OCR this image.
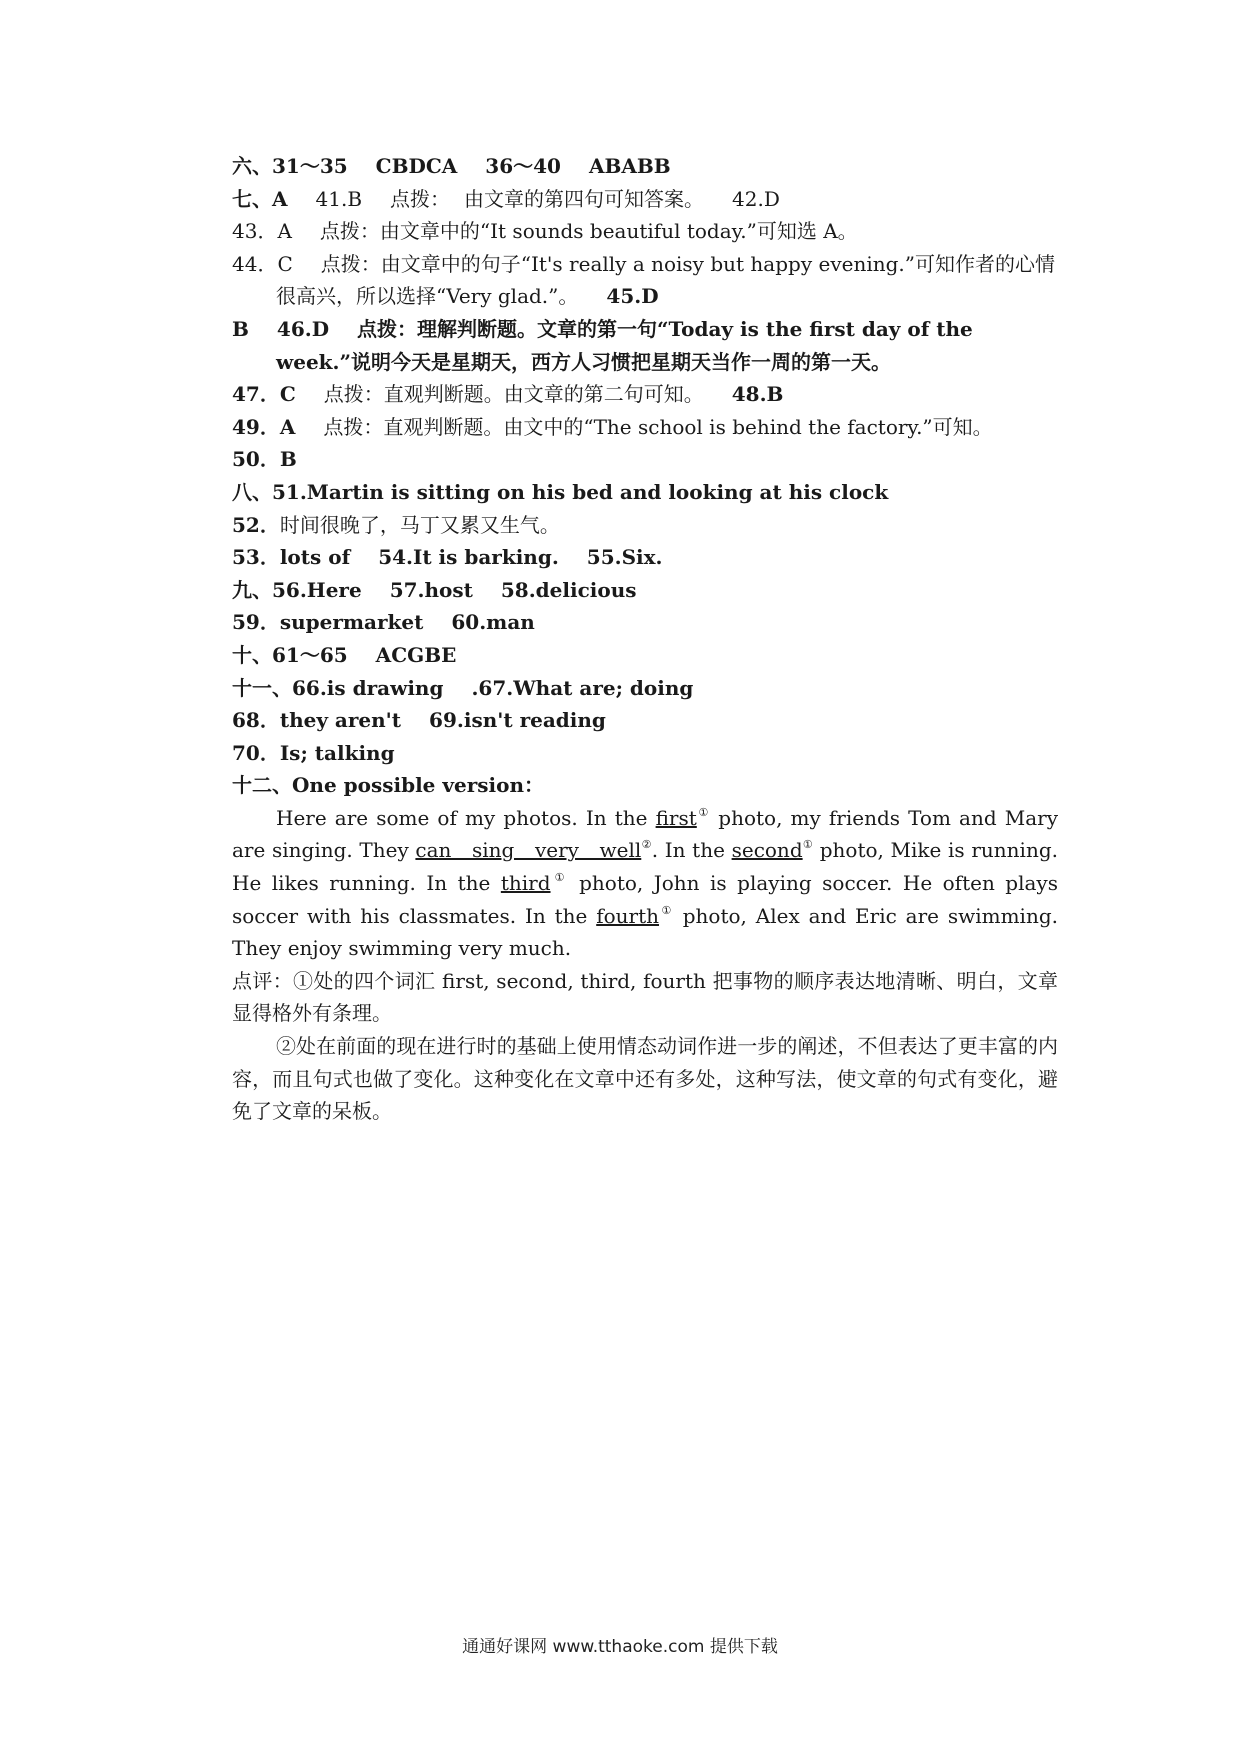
六、31～35 CBDCA 36～40 ABABB
七、A 41.B 点拨： 由文章的第四句可知答案。 42.D
43．A 点拨：由文章中的“It sounds beautiful today.”可知选 A。
44．C 点拨：由文章中的句子“It's really a noisy but happy evening.”可知作者的心情很高兴，所以选择“Very glad.”。 45.D
B 46.D 点拨：理解判断题。文章的第一句“Today is the first day of the week.”说明今天是星期天，西方人习惯把星期天当作一周的第一天。
47．C 点拨：直观判断题。由文章的第二句可知。 48.B
49．A 点拨：直观判断题。由文中的“The school is behind the factory.”可知。
50．B
八、51.Martin is sitting on his bed and looking at his clock
52．时间很晚了，马丁又累又生气。
53．lots of 54.It is barking. 55.Six.
九、56.Here 57.host 58.delicious
59．supermarket 60.man
十、61～65 ACGBE
十一、66.is drawing .67.What are; doing
68．they aren't 69.isn't reading
70．Is; talking
十二、One possible version：
Here are some of my photos. In the first① photo, my friends Tom and Mary are singing. They can　sing　very　well②. In the second① photo, Mike is running. He likes running. In the third① photo, John is playing soccer. He often plays soccer with his classmates. In the fourth① photo, Alex and Eric are swimming. They enjoy swimming very much.
点评：①处的四个词汇 first, second, third, fourth 把事物的顺序表达地清晰、明白，文章显得格外有条理。
②处在前面的现在进行时的基础上使用情态动词作进一步的阐述，不但表达了更丰富的内容，而且句式也做了变化。这种变化在文章中还有多处，这种写法，使文章的句式有变化，避免了文章的呆板。
通通好课网 www.tthaoke.com 提供下载
